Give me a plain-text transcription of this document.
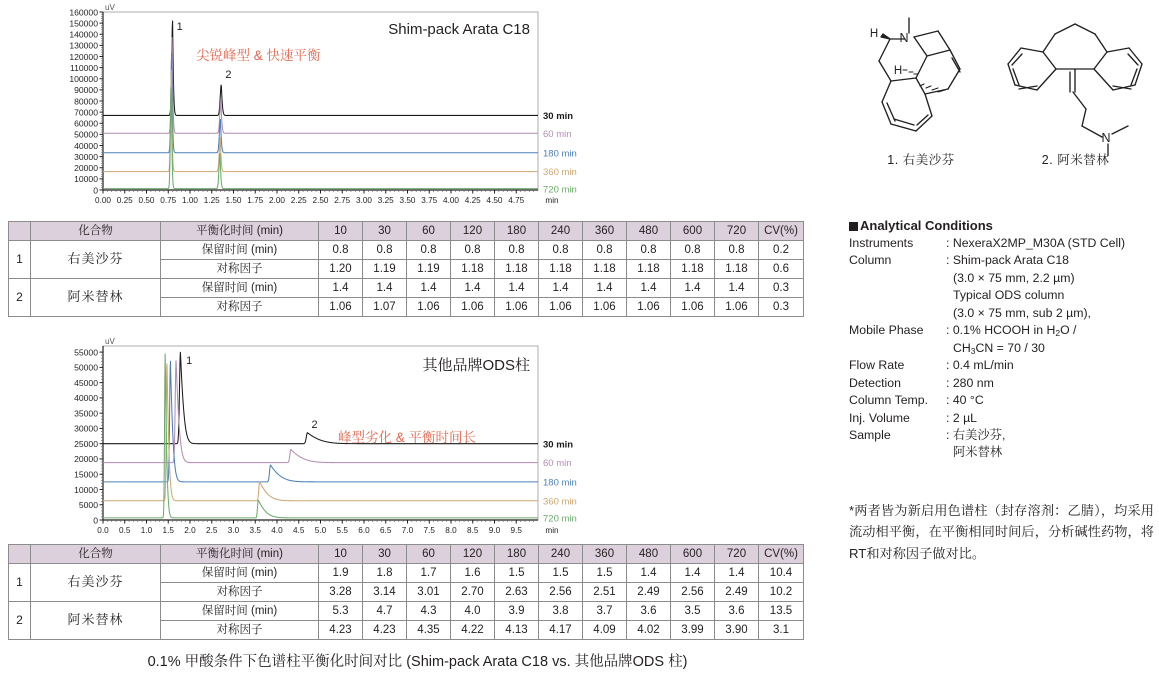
0
10000
20000
30000
40000
50000
60000
70000
80000
90000
100000
110000
120000
130000
140000
150000
160000 uV
0.00 0.25 0.50 0.75 1.00 1.25 1.50 1.75 2.00 2.25 2.50 2.75 3.00 3.25 3.50 3.75 4.00 4.25 4.50 4.75	min
1
2
Shim-pack Arata C18
尖锐峰型 & 快速平衡
30 min
60 min
180 min
360 min
720 min
	化合物	平衡化时间 (min)	10	30	60	120	180	240	360	480	600	720	CV(%)
1	右美沙芬	保留时间 (min)	0.8	0.8	0.8	0.8	0.8	0.8	0.8	0.8	0.8	0.8	0.2
		对称因子	1.20	1.19	1.19	1.18	1.18	1.18	1.18	1.18	1.18	1.18	0.6
2	阿米替林	保留时间 (min)	1.4	1.4	1.4	1.4	1.4	1.4	1.4	1.4	1.4	1.4	0.3
		对称因子	1.06	1.07	1.06	1.06	1.06	1.06	1.06	1.06	1.06	1.06	0.3
0
5000
10000
15000
20000
25000
30000
35000
40000
45000
50000
55000
uV
0.0 0.5 1.0 1.5 2.0 2.5 3.0 3.5 4.0 4.5 5.0 5.5 6.0 6.5 7.0 7.5 8.0 8.5 9.0 9.5	min
1
2
其他品牌ODS柱
峰型劣化 & 平衡时间长	30 min
60 min
180 min
360 min
720 min
	化合物	平衡化时间 (min)	10	30	60	120	180	240	360	480	600	720	CV(%)
1	右美沙芬	保留时间 (min)	1.9	1.8	1.7	1.6	1.5	1.5	1.5	1.4	1.4	1.4	10.4
		对称因子	3.28	3.14	3.01	2.70	2.63	2.56	2.51	2.49	2.56	2.49	10.2
2	阿米替林	保留时间 (min)	5.3	4.7	4.3	4.0	3.9	3.8	3.7	3.6	3.5	3.6	13.5
		对称因子	4.23	4.23	4.35	4.22	4.13	4.17	4.09	4.02	3.99	3.90	3.1
0.1% 甲酸条件下色谱柱平衡化时间对比 (Shim-pack Arata C18 vs. 其他品牌ODS 柱)
N
H
H
1. 右美沙芬
N
2. 阿米替林
Analytical Conditions
Instruments	: NexeraX2MP_M30A (STD Cell)
Column	: Shim-pack Arata C18
(3.0 × 75 mm, 2.2 µm)
Typical ODS column
(3.0 × 75 mm, sub 2 µm),

Mobile Phase	: 0.1% HCOOH in $H_2O$ /
$CH_3CN = 70 / 30$

Flow Rate	: 0.4 mL/min
Detection	: 280 nm
Column Temp.	: 40 °C
Inj. Volume	: 2 µL
Sample	: 右美沙芬,
阿米替林
*两者皆为新启用色谱柱（封存溶剂：乙腈），均采用流动相平衡，在平衡相同时间后，分析碱性药物，将RT和对称因子做对比。
